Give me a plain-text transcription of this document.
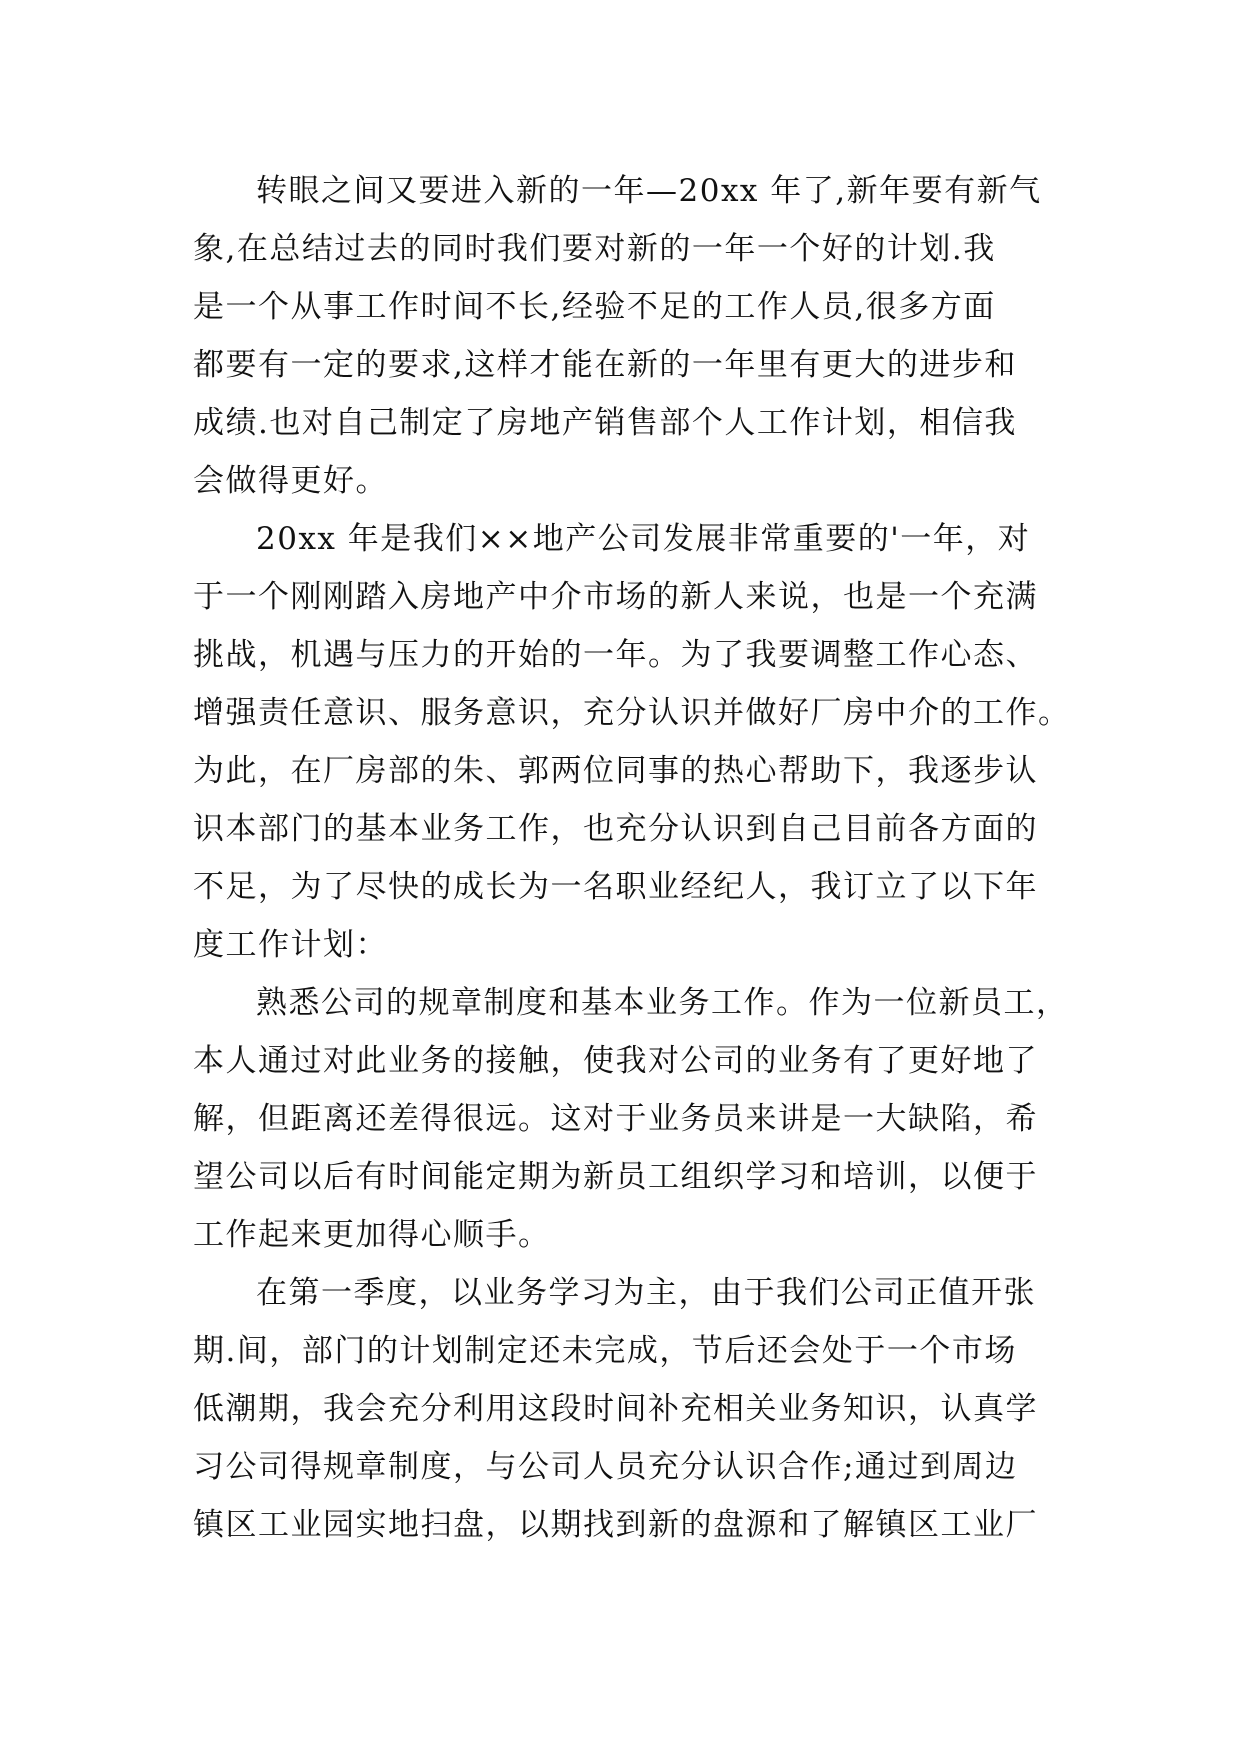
转眼之间又要进入新的一年—20xx 年了,新年要有新气
象,在总结过去的同时我们要对新的一年一个好的计划.我
是一个从事工作时间不长,经验不足的工作人员,很多方面
都要有一定的要求,这样才能在新的一年里有更大的进步和
成绩.也对自己制定了房地产销售部个人工作计划，相信我
会做得更好。
20xx 年是我们××地产公司发展非常重要的'一年，对
于一个刚刚踏入房地产中介市场的新人来说，也是一个充满
挑战，机遇与压力的开始的一年。为了我要调整工作心态、
增强责任意识、服务意识，充分认识并做好厂房中介的工作。
为此，在厂房部的朱、郭两位同事的热心帮助下，我逐步认
识本部门的基本业务工作，也充分认识到自己目前各方面的
不足，为了尽快的成长为一名职业经纪人，我订立了以下年
度工作计划：
熟悉公司的规章制度和基本业务工作。作为一位新员工，
本人通过对此业务的接触，使我对公司的业务有了更好地了
解，但距离还差得很远。这对于业务员来讲是一大缺陷，希
望公司以后有时间能定期为新员工组织学习和培训，以便于
工作起来更加得心顺手。
在第一季度，以业务学习为主，由于我们公司正值开张
期.间，部门的计划制定还未完成，节后还会处于一个市场
低潮期，我会充分利用这段时间补充相关业务知识，认真学
习公司得规章制度，与公司人员充分认识合作;通过到周边
镇区工业园实地扫盘，以期找到新的盘源和了解镇区工业厂
